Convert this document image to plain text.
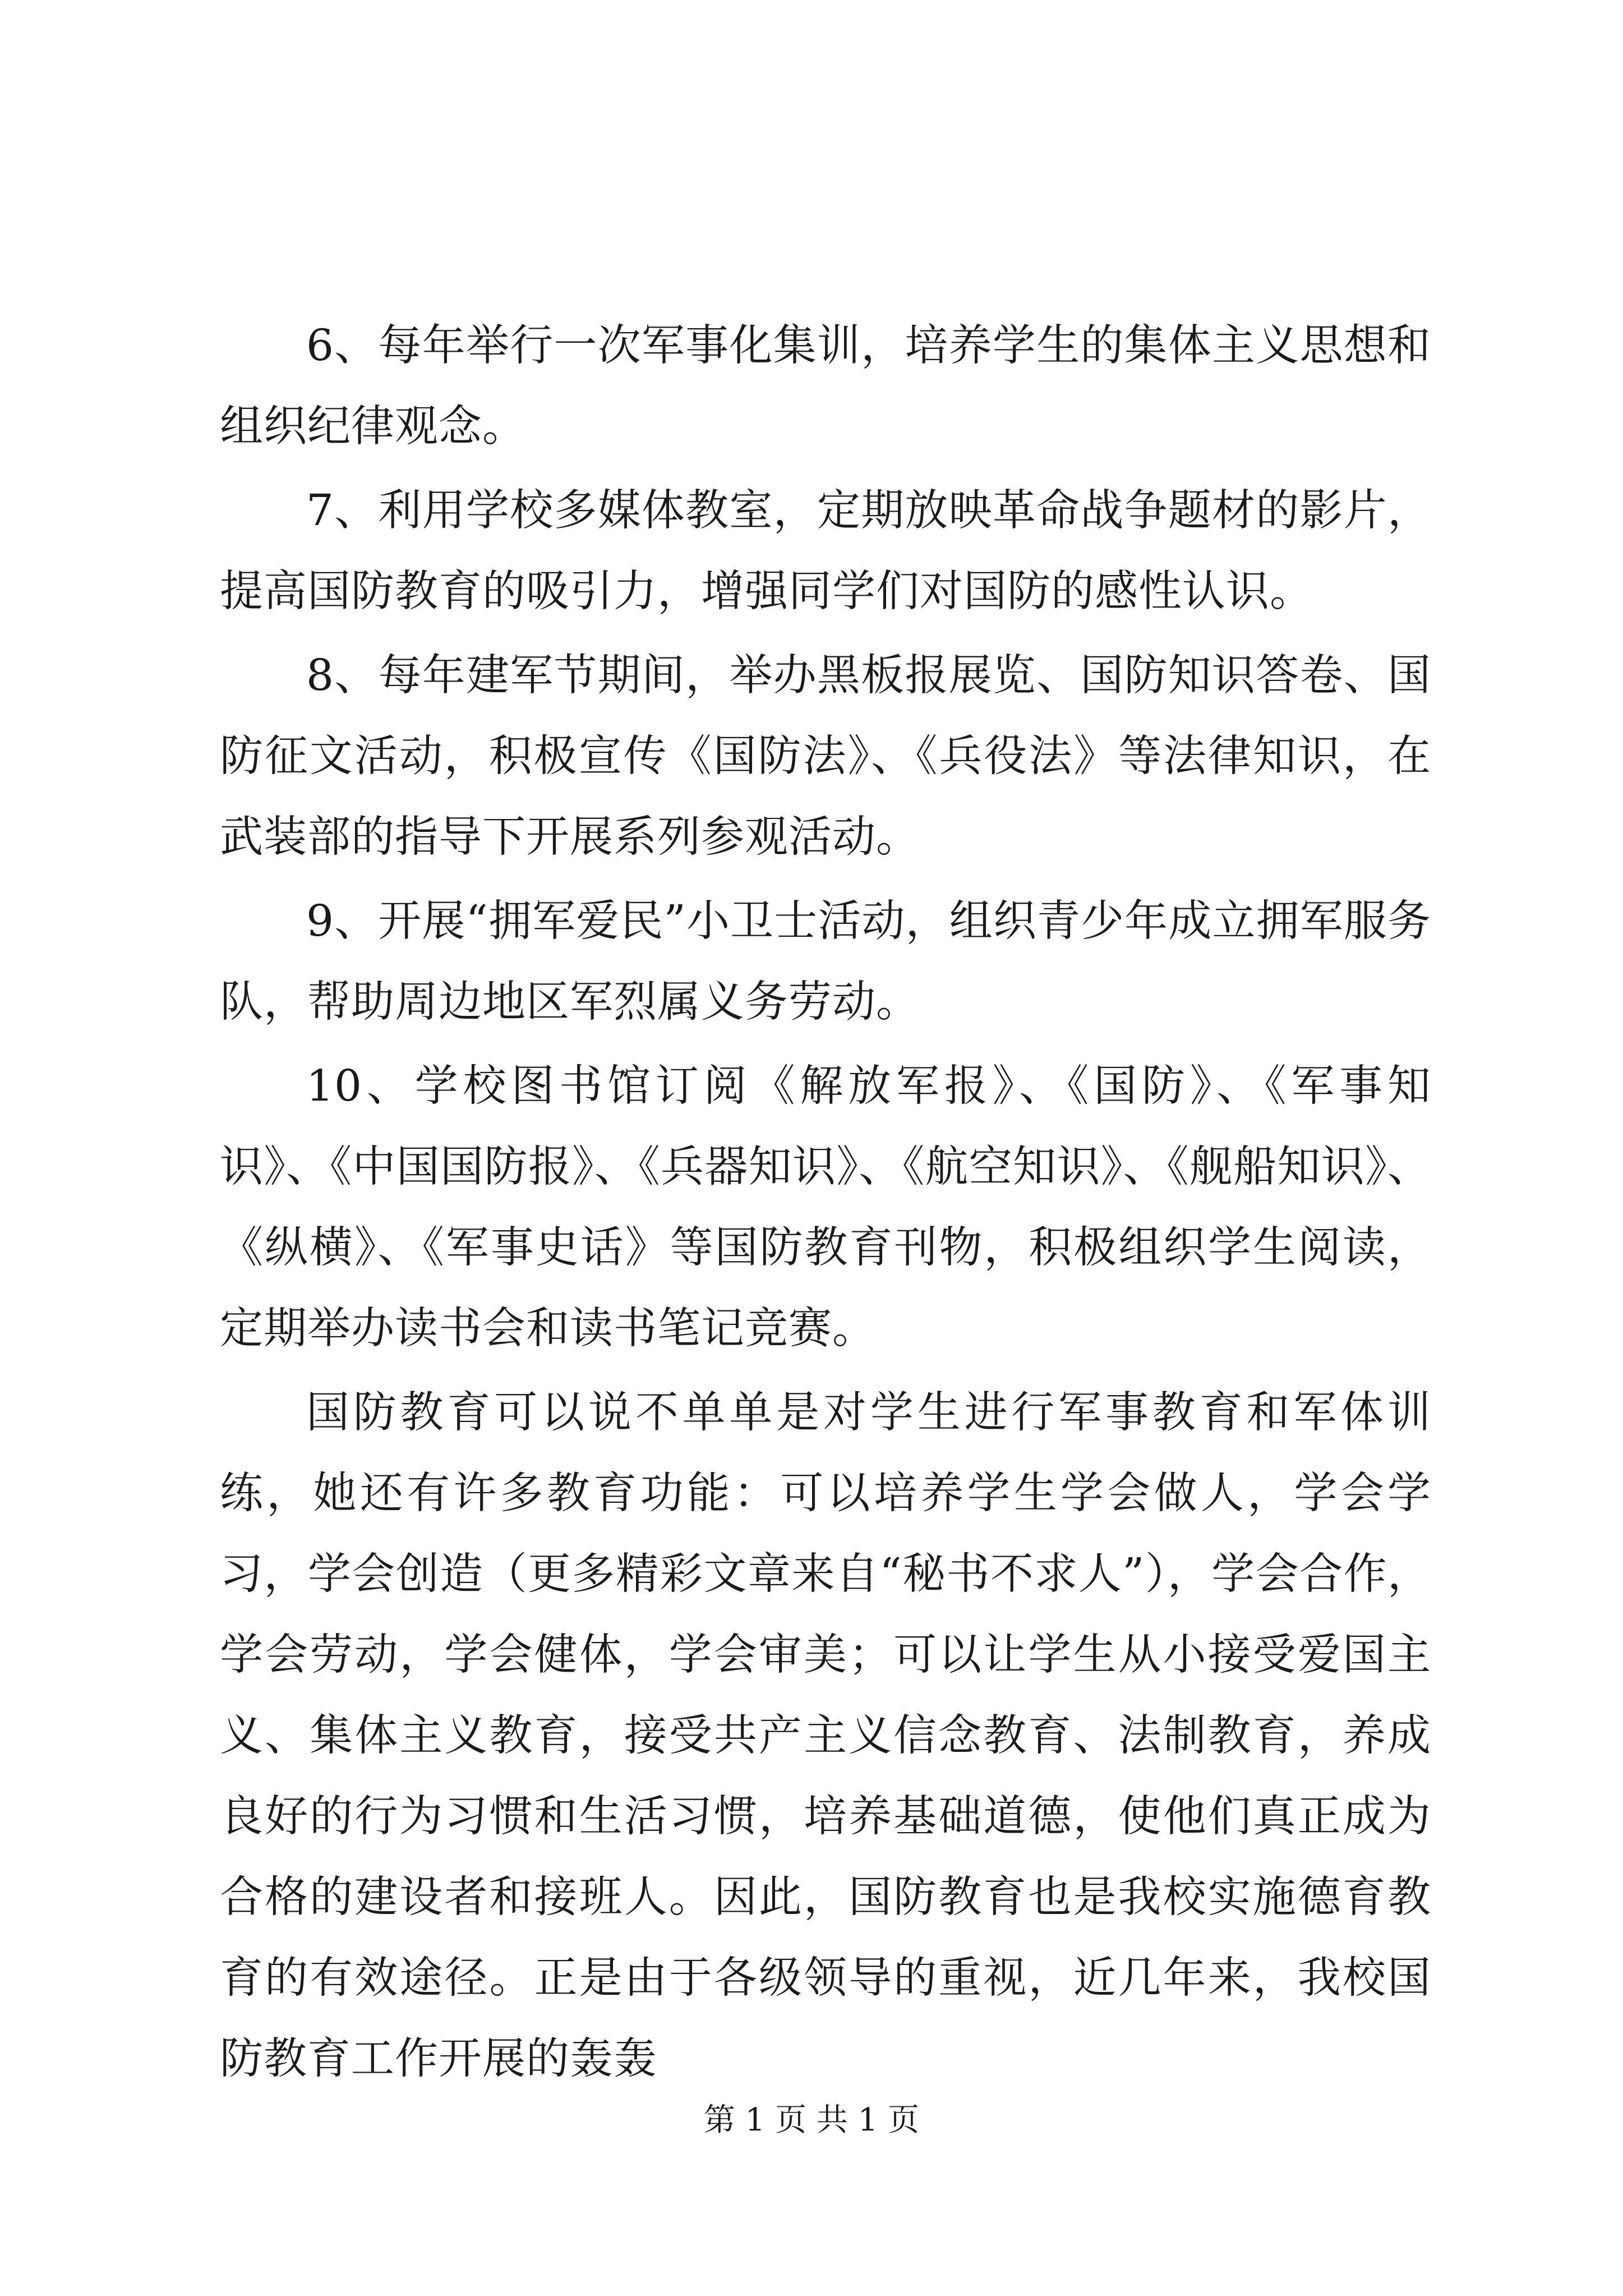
6、每年举行一次军事化集训，培养学生的集体主义思想和组织纪律观念。

7、利用学校多媒体教室，定期放映革命战争题材的影片，提高国防教育的吸引力，增强同学们对国防的感性认识。

8、每年建军节期间，举办黑板报展览、国防知识答卷、国防征文活动，积极宣传《国防法》、《兵役法》等法律知识，在武装部的指导下开展系列参观活动。

9、开展“拥军爱民”小卫士活动，组织青少年成立拥军服务队，帮助周边地区军烈属义务劳动。

10、学校图书馆订阅《解放军报》、《国防》、《军事知识》、《中国国防报》、《兵器知识》、《航空知识》、《舰船知识》、《纵横》、《军事史话》等国防教育刊物，积极组织学生阅读，定期举办读书会和读书笔记竞赛。

国防教育可以说不单单是对学生进行军事教育和军体训练，她还有许多教育功能：可以培养学生学会做人，学会学习，学会创造（更多精彩文章来自“秘书不求人”），学会合作，学会劳动，学会健体，学会审美；可以让学生从小接受爱国主义、集体主义教育，接受共产主义信念教育、法制教育，养成良好的行为习惯和生活习惯，培养基础道德，使他们真正成为合格的建设者和接班人。因此，国防教育也是我校实施德育教育的有效途径。正是由于各级领导的重视，近几年来，我校国防教育工作开展的轰轰

第 1 页 共 1 页
